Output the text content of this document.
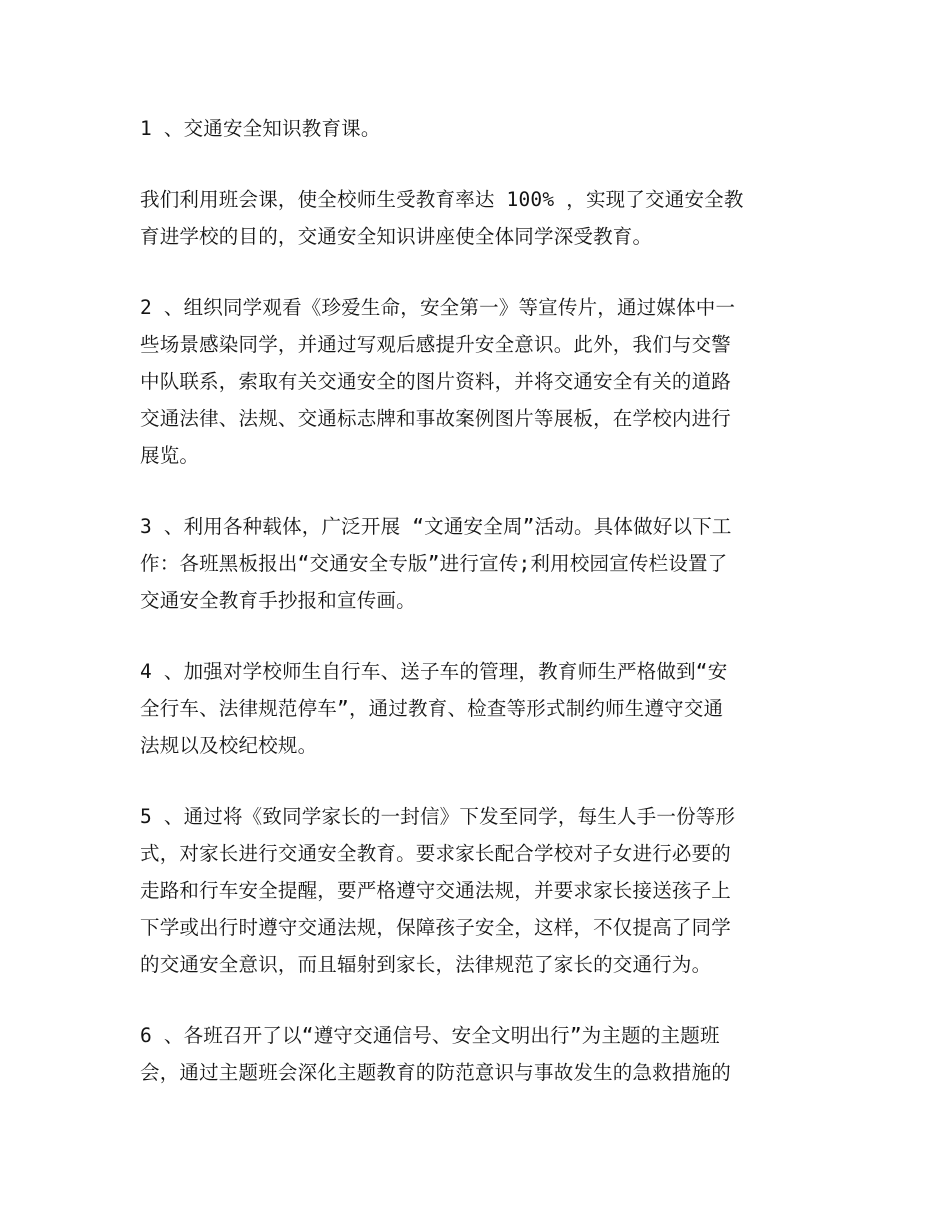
1 、交通安全知识教育课。

我们利用班会课，使全校师生受教育率达 100% ，实现了交通安全教
育进学校的目的，交通安全知识讲座使全体同学深受教育。

2 、组织同学观看《珍爱生命，安全第一》等宣传片，通过媒体中一
些场景感染同学，并通过写观后感提升安全意识。此外，我们与交警
中队联系，索取有关交通安全的图片资料，并将交通安全有关的道路
交通法律、法规、交通标志牌和事故案例图片等展板，在学校内进行
展览。

3 、利用各种载体，广泛开展 “文通安全周”活动。具体做好以下工
作：各班黑板报出“交通安全专版”进行宣传;利用校园宣传栏设置了
交通安全教育手抄报和宣传画。

4 、加强对学校师生自行车、送子车的管理，教育师生严格做到“安
全行车、法律规范停车”，通过教育、检查等形式制约师生遵守交通
法规以及校纪校规。

5 、通过将《致同学家长的一封信》下发至同学，每生人手一份等形
式，对家长进行交通安全教育。要求家长配合学校对子女进行必要的
走路和行车安全提醒，要严格遵守交通法规，并要求家长接送孩子上
下学或出行时遵守交通法规，保障孩子安全，这样，不仅提高了同学
的交通安全意识，而且辐射到家长，法律规范了家长的交通行为。

6 、各班召开了以“遵守交通信号、安全文明出行”为主题的主题班
会，通过主题班会深化主题教育的防范意识与事故发生的急救措施的
